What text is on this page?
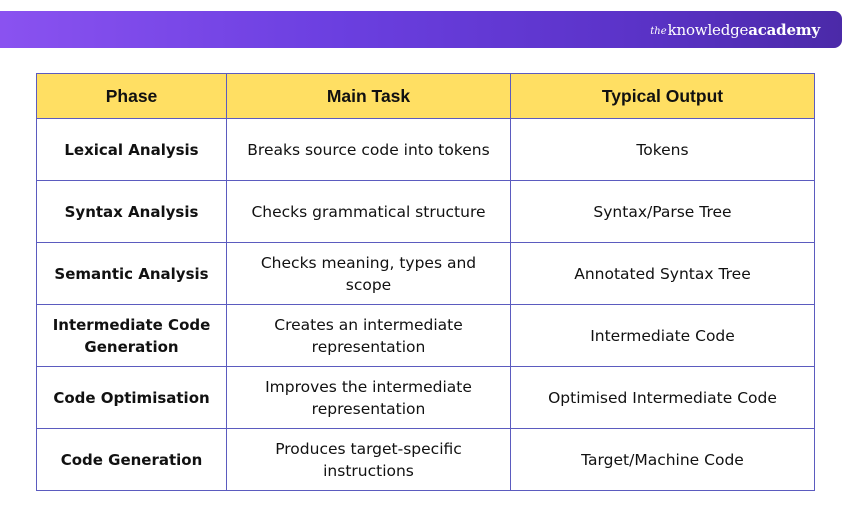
theknowledgeacademy
Phase	Main Task	Typical Output
Lexical Analysis	Breaks source code into tokens	Tokens
Syntax Analysis	Checks grammatical structure	Syntax/Parse Tree
Semantic Analysis	Checks meaning, types and scope	Annotated Syntax Tree
Intermediate Code Generation	Creates an intermediate representation	Intermediate Code
Code Optimisation	Improves the intermediate representation	Optimised Intermediate Code
Code Generation	Produces target-specific instructions	Target/Machine Code
